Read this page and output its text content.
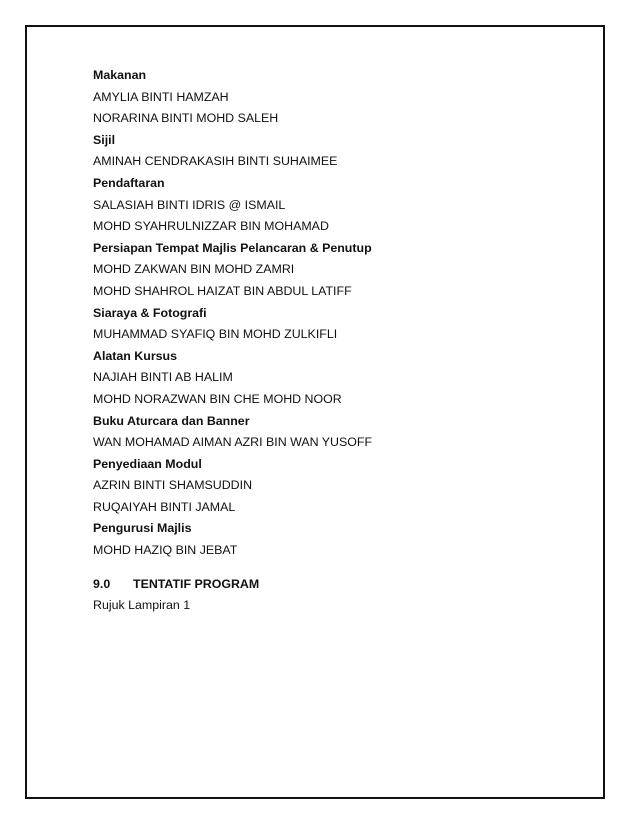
Makanan
AMYLIA BINTI HAMZAH
NORARINA BINTI MOHD SALEH
Sijil
AMINAH CENDRAKASIH BINTI SUHAIMEE
Pendaftaran
SALASIAH BINTI IDRIS @ ISMAIL
MOHD SYAHRULNIZZAR BIN MOHAMAD
Persiapan Tempat Majlis Pelancaran & Penutup
MOHD ZAKWAN BIN MOHD ZAMRI
MOHD SHAHROL HAIZAT BIN ABDUL LATIFF
Siaraya & Fotografi
MUHAMMAD SYAFIQ BIN MOHD ZULKIFLI
Alatan Kursus
NAJIAH BINTI AB HALIM
MOHD NORAZWAN BIN CHE MOHD NOOR
Buku Aturcara dan Banner
WAN MOHAMAD AIMAN AZRI BIN WAN YUSOFF
Penyediaan Modul
AZRIN BINTI SHAMSUDDIN
RUQAIYAH BINTI JAMAL
Pengurusi Majlis
MOHD HAZIQ BIN JEBAT
9.0 TENTATIF PROGRAM
Rujuk Lampiran 1
